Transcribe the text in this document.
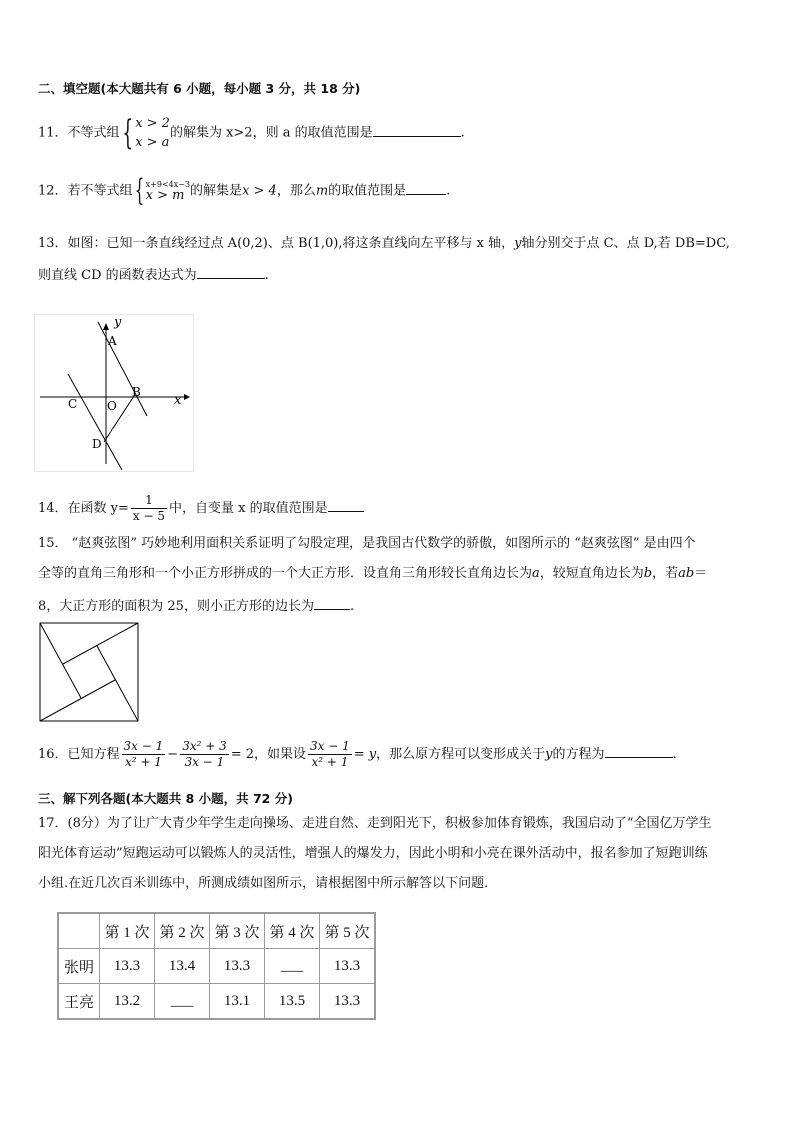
二、填空题(本大题共有 6 小题，每小题 3 分，共 18 分)
11．不等式组{ x > 2
x > a
的解集为 x>2，则 a 的取值范围是	.
12．若不等式组{ x+9<4x−3
x > m 的解集是x > 4，那么m的取值范围是	.
13．如图：已知一条直线经过点 A(0,2)、点 B(1,0),将这条直线向左平移与 x 轴，y轴分别交于点 C、点 D,若 DB=DC,
则直线 CD 的函数表达式为	.
y
x
A
B
C O
D
14．在函数 $y= \frac{1}{x - 5}$ 中，自变量 x 的取值范围是
15． “赵爽弦图” 巧妙地利用面积关系证明了勾股定理，是我国古代数学的骄傲，如图所示的 “赵爽弦图” 是由四个
全等的直角三角形和一个小正方形拼成的一个大正方形．设直角三角形较长直角边长为a，较短直角边长为b，若ab＝
8，大正方形的面积为 25，则小正方形的边长为	.
16．已知方程 $\frac{3x - 1}{\text{x² + 1}} - \frac{\text{3x² + 3}}{3x - 1} = 2$，如果设 $\frac{3x - 1}{\text{x² + 1}} = y$，那么原方程可以变形成关于y的方程为	.
三、解下列各题(本大题共 8 小题，共 72 分)
17．(8分）为了让广大青少年学生走向操场、走进自然、走到阳光下，积极参加体育锻炼，我国启动了“全国亿万学生
阳光体育运动”短跑运动可以锻炼人的灵活性，增强人的爆发力，因此小明和小亮在课外活动中，报名参加了短跑训练
小组.在近几次百米训练中，所测成绩如图所示，请根据图中所示解答以下问题．
	第 1 次	第 2 次	第 3 次	第 4 次	第 5 次
张明	13.3	13.4	13.3	___	13.3
王亮	13.2	___	13.1	13.5	13.3
